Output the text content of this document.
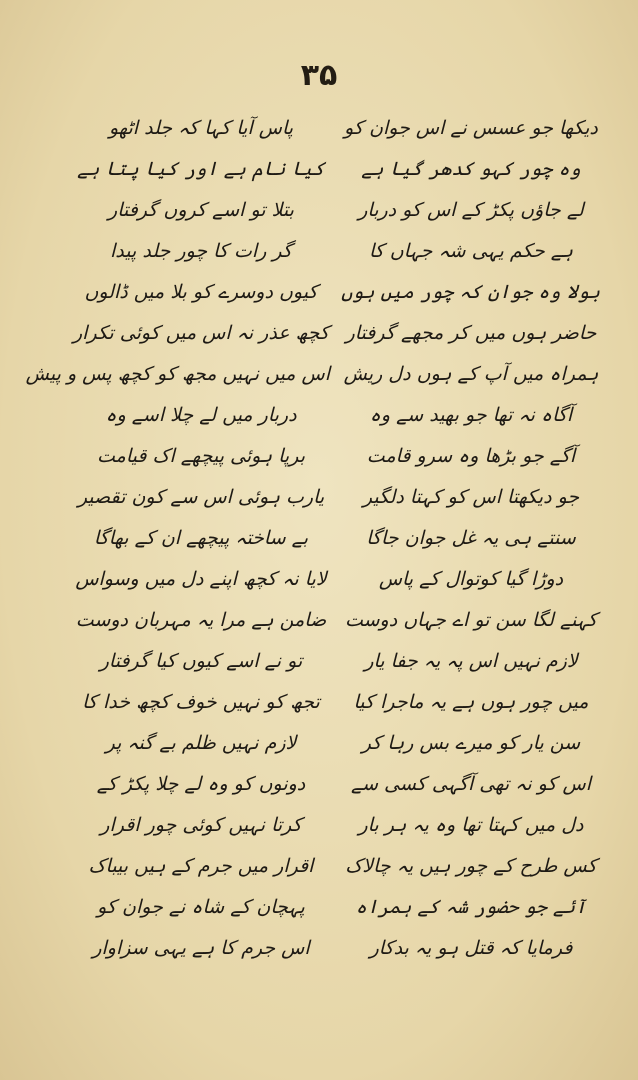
۳۵
دیکھا جو عسس نے اس جوان کو
وہ چور کہو کدھر گیا ہے
لے جاؤں پکڑ کے اس کو دربار
ہے حکم یہی شہ جہاں کا
بولا وہ جوان کہ چور میں ہوں
حاضر ہوں میں کر مجھے گرفتار
ہمراہ میں آپ کے ہوں دل ریش
آگاہ نہ تھا جو بھید سے وہ
آگے جو بڑھا وہ سرو قامت
جو دیکھتا اس کو کہتا دلگیر
سنتے ہی یہ غل جوان جاگا
دوڑا گیا کوتوال کے پاس
کہنے لگا سن تو اے جہاں دوست
لازم نہیں اس پہ یہ جفا یار
میں چور ہوں ہے یہ ماجرا کیا
سن یار کو میرے بس رہا کر
اس کو نہ تھی آگہی کسی سے
دل میں کہتا تھا وہ یہ ہر بار
کس طرح کے چور ہیں یہ چالاک
آئے جو حضور شہ کے ہمراہ
فرمایا کہ قتل ہو یہ بدکار
پاس آیا کہا کہ جلد اٹھو
کیا نام ہے اور کیا پتا ہے
بتلا تو اسے کروں گرفتار
گر رات کا چور جلد پیدا
کیوں دوسرے کو بلا میں ڈالوں
کچھ عذر نہ اس میں کوئی تکرار
اس میں نہیں مجھ کو کچھ پس و پیش
دربار میں لے چلا اسے وہ
برپا ہوئی پیچھے اک قیامت
یارب ہوئی اس سے کون تقصیر
بے ساختہ پیچھے ان کے بھاگا
لایا نہ کچھ اپنے دل میں وسواس
ضامن ہے مرا یہ مہربان دوست
تو نے اسے کیوں کیا گرفتار
تجھ کو نہیں خوف کچھ خدا کا
لازم نہیں ظلم بے گنہ پر
دونوں کو وہ لے چلا پکڑ کے
کرتا نہیں کوئی چور اقرار
اقرار میں جرم کے ہیں بیباک
پہچان کے شاہ نے جوان کو
اس جرم کا ہے یہی سزاوار
